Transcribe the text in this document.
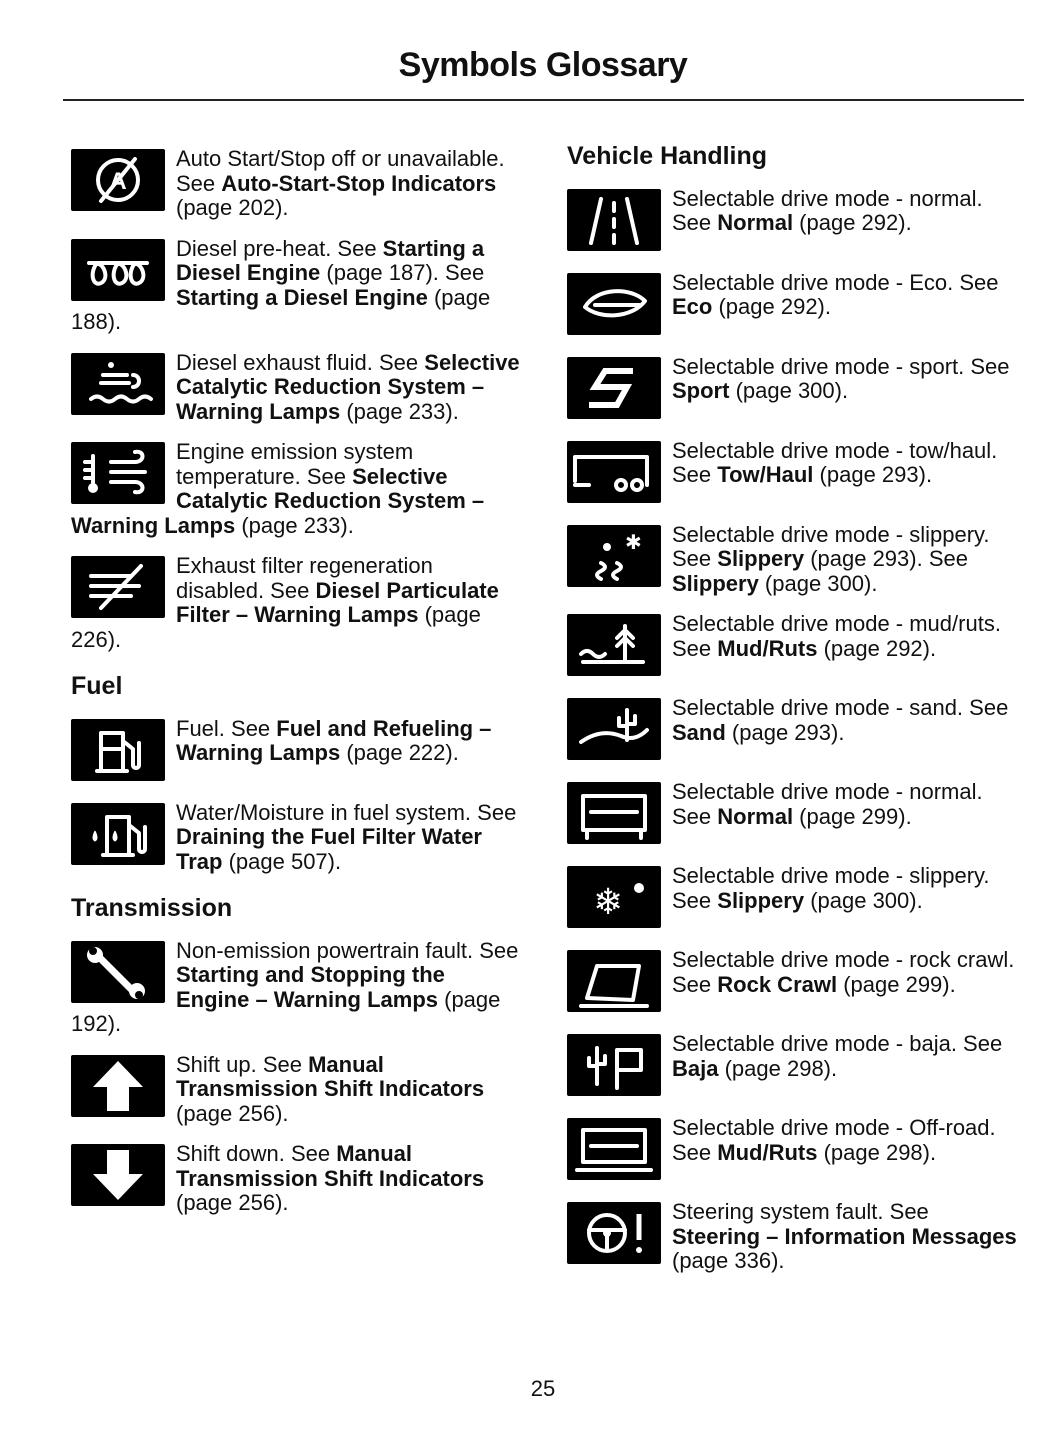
Symbols Glossary
A
Auto Start/Stop off or unavailable. See Auto-Start-Stop Indicators (page 202).
Diesel pre-heat. See Starting a Diesel Engine (page 187). See Starting a Diesel Engine (page 188).
Diesel exhaust fluid. See Selective Catalytic Reduction System – Warning Lamps (page 233).
Engine emission system temperature. See Selective Catalytic Reduction System – Warning Lamps (page 233).
Exhaust filter regeneration disabled. See Diesel Particulate Filter – Warning Lamps (page 226).
Fuel
Fuel. See Fuel and Refueling – Warning Lamps (page 222).
Water/Moisture in fuel system. See Draining the Fuel Filter Water Trap (page 507).
Transmission
Non-emission powertrain fault. See Starting and Stopping the Engine – Warning Lamps (page 192).
Shift up. See Manual Transmission Shift Indicators (page 256).
Shift down. See Manual Transmission Shift Indicators (page 256).
Vehicle Handling
Selectable drive mode - normal. See Normal (page 292).
Selectable drive mode - Eco. See Eco (page 292).
Selectable drive mode - sport. See Sport (page 300).
Selectable drive mode - tow/haul. See Tow/Haul (page 293).
✱ Selectable drive mode - slippery. See Slippery (page 293). See Slippery (page 300).
Selectable drive mode - mud/ruts. See Mud/Ruts (page 292).
Selectable drive mode - sand. See Sand (page 293).
Selectable drive mode - normal. See Normal (page 299).
❄
Selectable drive mode - slippery. See Slippery (page 300).
Selectable drive mode - rock crawl. See Rock Crawl (page 299).
Selectable drive mode - baja. See Baja (page 298).
Selectable drive mode - Off-road. See Mud/Ruts (page 298).
Steering system fault. See Steering – Information Messages (page 336).
25
